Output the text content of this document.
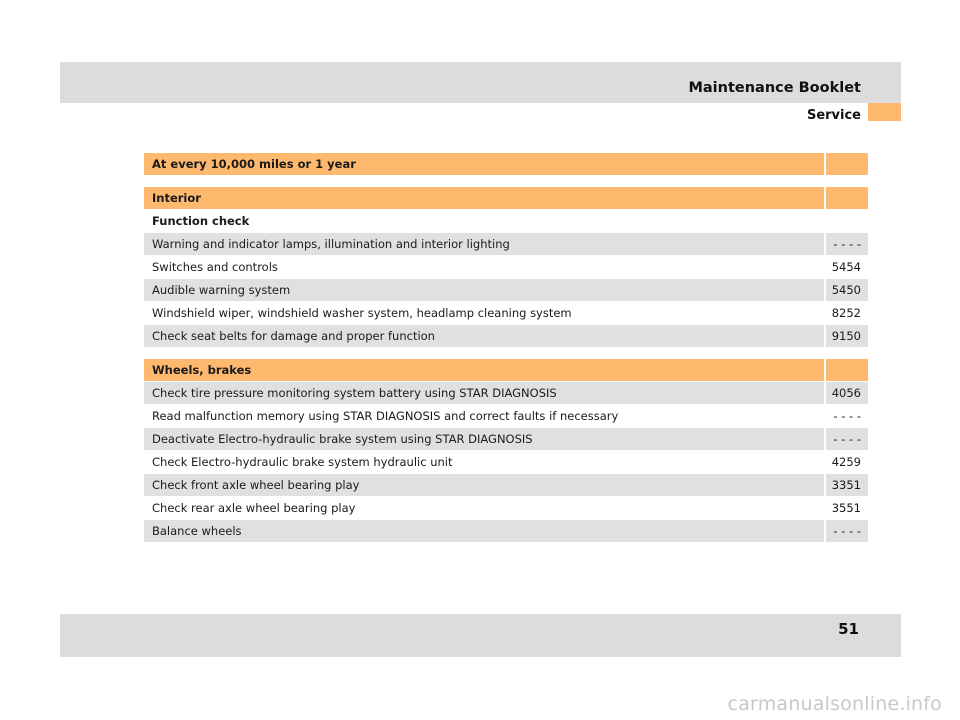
Maintenance Booklet
Service
At every 10,000 miles or 1 year
Interior
Function check
Warning and indicator lamps, illumination and interior lighting	- - - -
Switches and controls	5454
Audible warning system	5450
Windshield wiper, windshield washer system, headlamp cleaning system	8252
Check seat belts for damage and proper function	9150
Wheels, brakes
Check tire pressure monitoring system battery using STAR DIAGNOSIS	4056
Read malfunction memory using STAR DIAGNOSIS and correct faults if necessary	- - - -
Deactivate Electro-hydraulic brake system using STAR DIAGNOSIS	- - - -
Check Electro-hydraulic brake system hydraulic unit	4259
Check front axle wheel bearing play	3351
Check rear axle wheel bearing play	3551
Balance wheels	- - - -
51
carmanualsonline.info
